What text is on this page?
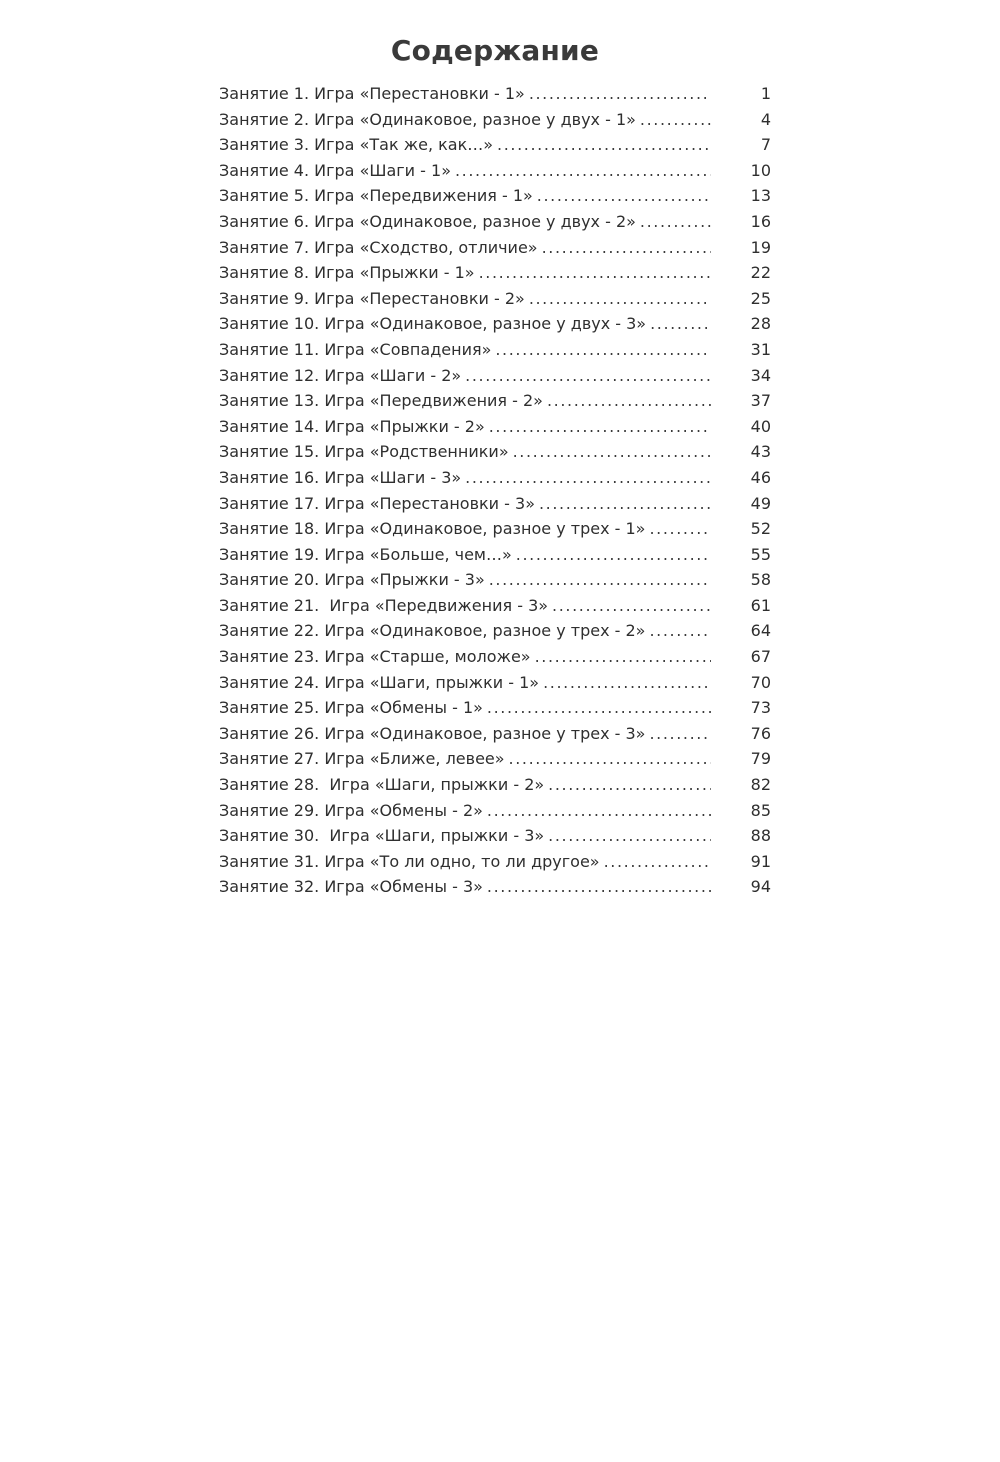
Содержание
Занятие 1. Игра «Перестановки - 1» .....	1
Занятие 2. Игра «Одинаковое, разное у двух - 1» .....	4
Занятие 3. Игра «Так же, как…» .....	7
Занятие 4. Игра «Шаги - 1» .....	10
Занятие 5. Игра «Передвижения - 1» .....	13
Занятие 6. Игра «Одинаковое, разное у двух - 2» .....	16
Занятие 7. Игра «Сходство, отличие» .....	19
Занятие 8. Игра «Прыжки - 1» .....	22
Занятие 9. Игра «Перестановки - 2» .....	25
Занятие 10. Игра «Одинаковое, разное у двух - 3» .....	28
Занятие 11. Игра «Совпадения» .....	31
Занятие 12. Игра «Шаги - 2» .....	34
Занятие 13. Игра «Передвижения - 2» .....	37
Занятие 14. Игра «Прыжки - 2» .....	40
Занятие 15. Игра «Родственники» .....	43
Занятие 16. Игра «Шаги - 3» .....	46
Занятие 17. Игра «Перестановки - 3» .....	49
Занятие 18. Игра «Одинаковое, разное у трех - 1» .....	52
Занятие 19. Игра «Больше, чем…» .....	55
Занятие 20. Игра «Прыжки - 3» .....	58
Занятие 21.  Игра «Передвижения - 3» .....	61
Занятие 22. Игра «Одинаковое, разное у трех - 2» .....	64
Занятие 23. Игра «Старше, моложе» .....	67
Занятие 24. Игра «Шаги, прыжки - 1» .....	70
Занятие 25. Игра «Обмены - 1» .....	73
Занятие 26. Игра «Одинаковое, разное у трех - 3» .....	76
Занятие 27. Игра «Ближе, левее» .....	79
Занятие 28.  Игра «Шаги, прыжки - 2» .....	82
Занятие 29. Игра «Обмены - 2» .....	85
Занятие 30.  Игра «Шаги, прыжки - 3» .....	88
Занятие 31. Игра «То ли одно, то ли другое» .....	91
Занятие 32. Игра «Обмены - 3» .....	94
